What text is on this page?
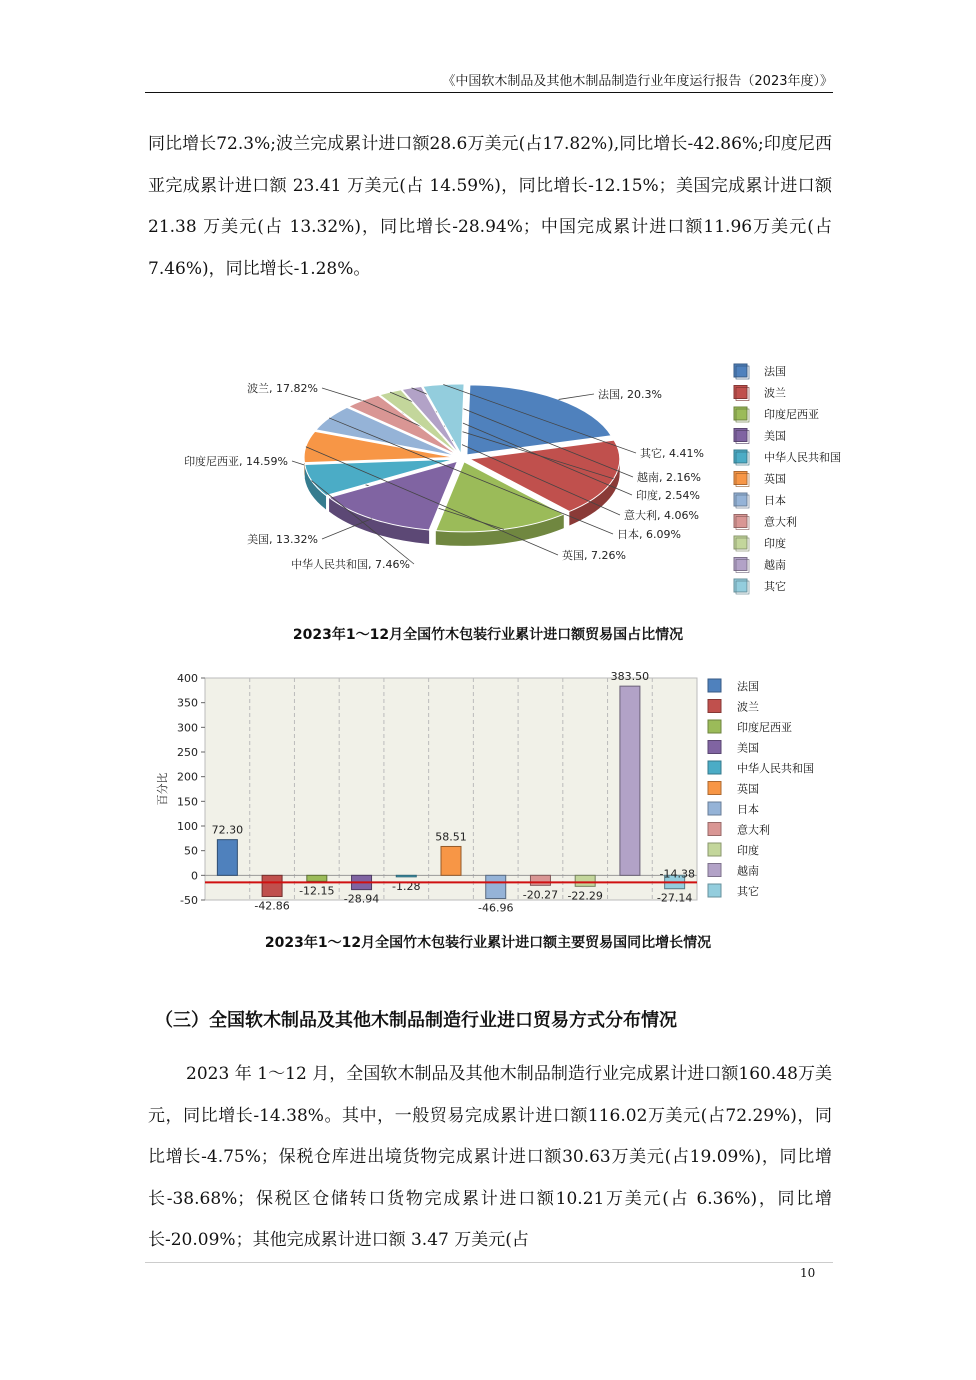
《中国软木制品及其他木制品制造行业年度运行报告（2023年度）》
同比增长72.3%;波兰完成累计进口额28.6万美元(占17.82%),同比增长-42.86%;印度尼西亚完成累计进口额 23.41 万美元(占 14.59%)，同比增长-12.15%；美国完成累计进口额 21.38 万美元(占 13.32%)，同比增长-28.94%；中国完成累计进口额11.96万美元(占7.46%)，同比增长-1.28%。
法国, 20.3%
波兰, 17.82%
印度尼西亚, 14.59%
美国, 13.32%
中华人民共和国, 7.46%
英国, 7.26%
日本, 6.09%
意大利, 4.06%
印度, 2.54%
越南, 2.16%
其它, 4.41%
法国
波兰
印度尼西亚
美国
中华人民共和国
英国
日本
意大利
印度
越南
其它
400
350
300
250
200
150
100
50
0
-50
百分比
72.30
-42.86
-12.15
-28.94
-1.28
58.51
-46.96
-20.27 -22.29
383.50
-27.14
-14.38
法国
波兰
印度尼西亚
美国
中华人民共和国
英国
日本
意大利
印度
越南
其它
2023年1～12月全国竹木包装行业累计进口额贸易国占比情况
2023年1～12月全国竹木包装行业累计进口额主要贸易国同比增长情况
（三）全国软木制品及其他木制品制造行业进口贸易方式分布情况
2023 年 1～12 月，全国软木制品及其他木制品制造行业完成累计进口额160.48万美元，同比增长-14.38%。其中，一般贸易完成累计进口额116.02万美元(占72.29%)，同比增长-4.75%；保税仓库进出境货物完成累计进口额30.63万美元(占19.09%)，同比增长-38.68%；保税区仓储转口货物完成累计进口额10.21万美元(占 6.36%)，同比增长-20.09%；其他完成累计进口额 3.47 万美元(占
10
